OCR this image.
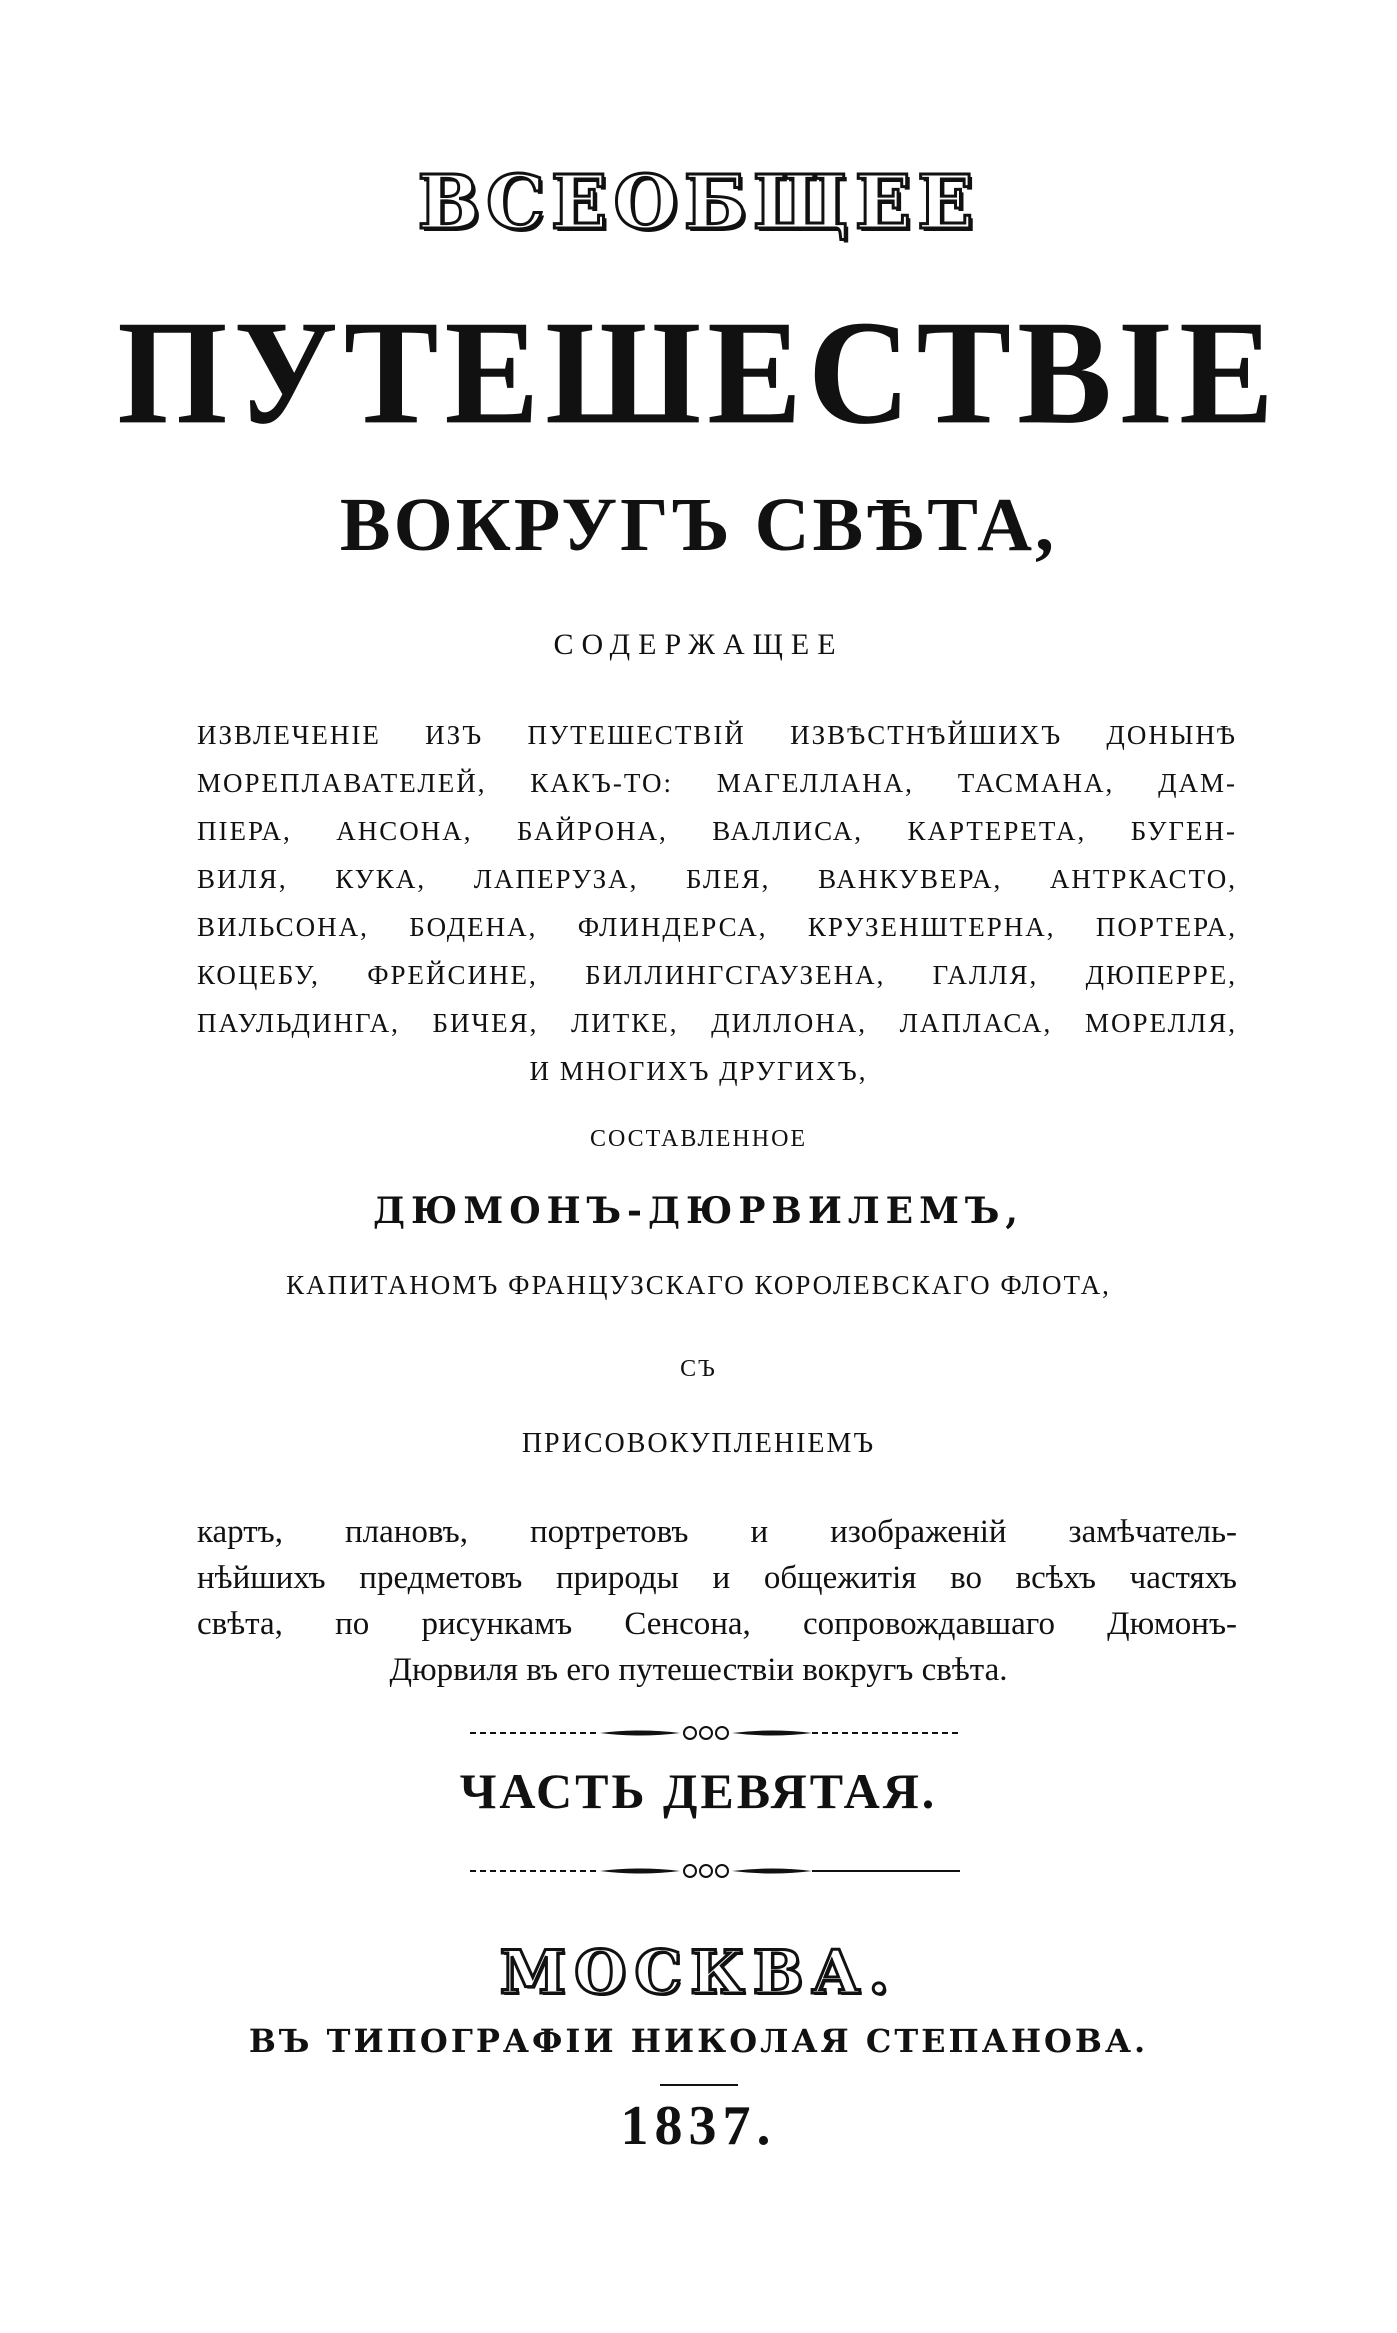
ВСЕОБЩЕЕ
ПУТЕШЕСТВІЕ
ВОКРУГЪ СВѢТА,
СОДЕРЖАЩЕЕ
ИЗВЛЕЧЕНІЕ ИЗЪ ПУТЕШЕСТВІЙ ИЗВѢСТНѢЙШИХЪ ДОНЫНѢ
МОРЕПЛАВАТЕЛЕЙ, КАКЪ-ТО: МАГЕЛЛАНА, ТАСМАНА, ДАМ-
ПІЕРА, АНСОНА, БАЙРОНА, ВАЛЛИСА, КАРТЕРЕТА, БУГЕН-
ВИЛЯ, КУКА, ЛАПЕРУЗА, БЛЕЯ, ВАНКУВЕРА, АНТРКАСТО,
ВИЛЬСОНА, БОДЕНА, ФЛИНДЕРСА, КРУЗЕНШТЕРНА, ПОРТЕРА,
КОЦЕБУ, ФРЕЙСИНЕ, БИЛЛИНГСГАУЗЕНА, ГАЛЛЯ, ДЮПЕРРЕ,
ПАУЛЬДИНГА, БИЧЕЯ, ЛИТКЕ, ДИЛЛОНА, ЛАПЛАСА, МОРЕЛЛЯ,
И МНОГИХЪ ДРУГИХЪ,
СОСТАВЛЕННОЕ
ДЮМОНЪ-ДЮРВИЛЕМЪ,
КАПИТАНОМЪ ФРАНЦУЗСКАГО КОРОЛЕВСКАГО ФЛОТА,
СЪ
ПРИСОВОКУПЛЕНІЕМЪ
картъ, плановъ, портретовъ и изображеній замѣчатель-
нѣйшихъ предметовъ природы и общежитія во всѣхъ частяхъ
свѣта, по рисункамъ Сенсона, сопровождавшаго Дюмонъ-
Дюрвиля въ его путешествіи вокругъ свѣта.
ЧАСТЬ ДЕВЯТАЯ.
МОСКВА.
ВЪ ТИПОГРАФІИ НИКОЛАЯ СТЕПАНОВА.
1837.
